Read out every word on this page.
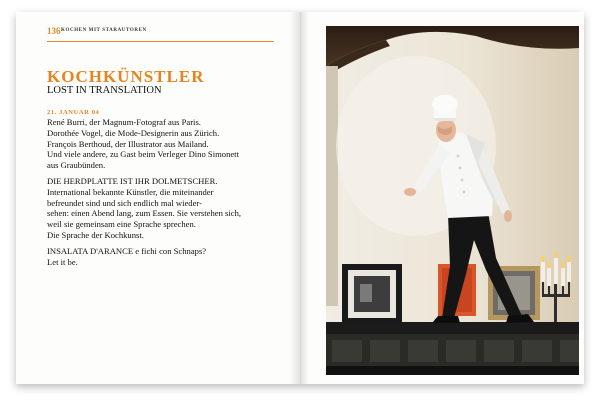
136 KOCHEN MIT STARAUTOREN
KOCHKÜNSTLER
LOST IN TRANSLATION
21. JANUAR 04

René Burri, der Magnum-Fotograf aus Paris.
Dorothée Vogel, die Mode-Designerin aus Zürich.
François Berthoud, der Illustrator aus Mailand.
Und viele andere, zu Gast beim Verleger Dino Simonett
aus Graubünden.

DIE HERDPLATTE IST IHR DOLMETSCHER.
International bekannte Künstler, die miteinander
befreundet sind und sich endlich mal wieder-
sehen: einen Abend lang, zum Essen. Sie verstehen sich,
weil sie gemeinsam eine Sprache sprechen.
Die Sprache der Kochkunst.

INSALATA D'ARANCE e fichi con Schnaps?
Let it be.
